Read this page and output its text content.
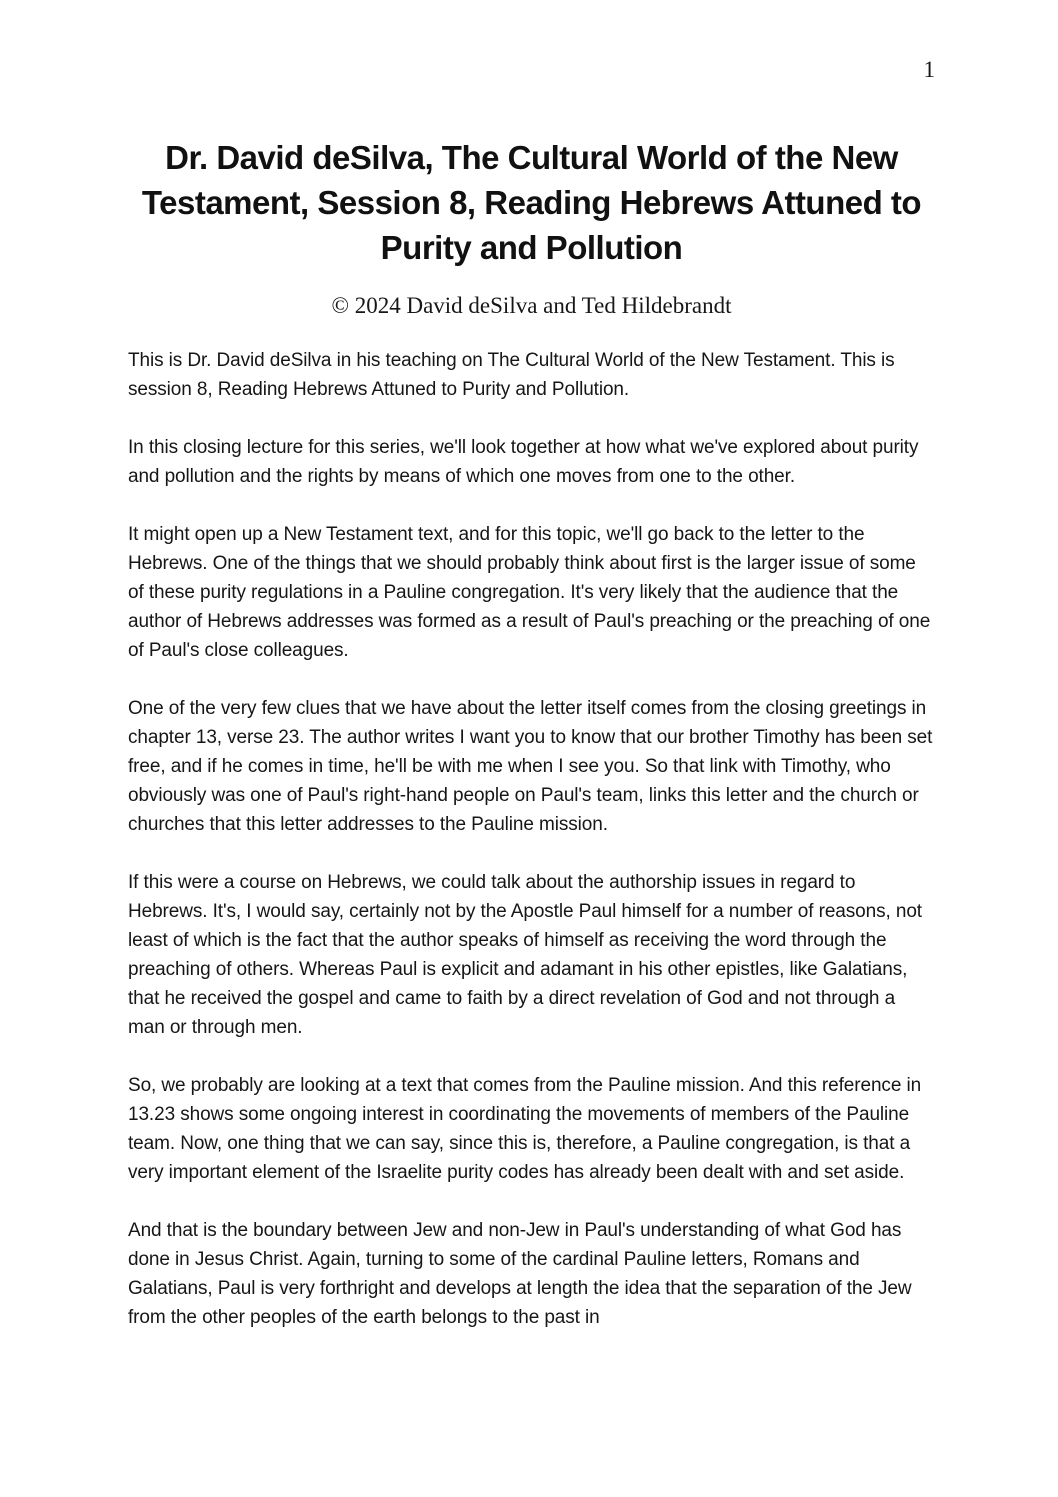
1
Dr. David deSilva, The Cultural World of the New
Testament, Session 8, Reading Hebrews Attuned to
Purity and Pollution
© 2024 David deSilva and Ted Hildebrandt

This is Dr. David deSilva in his teaching on The Cultural World of the New Testament. This is session 8, Reading Hebrews Attuned to Purity and Pollution.

In this closing lecture for this series, we'll look together at how what we've explored about purity and pollution and the rights by means of which one moves from one to the other.

It might open up a New Testament text, and for this topic, we'll go back to the letter to the Hebrews. One of the things that we should probably think about first is the larger issue of some of these purity regulations in a Pauline congregation. It's very likely that the audience that the author of Hebrews addresses was formed as a result of Paul's preaching or the preaching of one of Paul's close colleagues.

One of the very few clues that we have about the letter itself comes from the closing greetings in chapter 13, verse 23. The author writes I want you to know that our brother Timothy has been set free, and if he comes in time, he'll be with me when I see you. So that link with Timothy, who obviously was one of Paul's right-hand people on Paul's team, links this letter and the church or churches that this letter addresses to the Pauline mission.

If this were a course on Hebrews, we could talk about the authorship issues in regard to Hebrews. It's, I would say, certainly not by the Apostle Paul himself for a number of reasons, not least of which is the fact that the author speaks of himself as receiving the word through the preaching of others. Whereas Paul is explicit and adamant in his other epistles, like Galatians, that he received the gospel and came to faith by a direct revelation of God and not through a man or through men.

So, we probably are looking at a text that comes from the Pauline mission. And this reference in 13.23 shows some ongoing interest in coordinating the movements of members of the Pauline team. Now, one thing that we can say, since this is, therefore, a Pauline congregation, is that a very important element of the Israelite purity codes has already been dealt with and set aside.

And that is the boundary between Jew and non-Jew in Paul's understanding of what God has done in Jesus Christ. Again, turning to some of the cardinal Pauline letters, Romans and Galatians, Paul is very forthright and develops at length the idea that the separation of the Jew from the other peoples of the earth belongs to the past in
